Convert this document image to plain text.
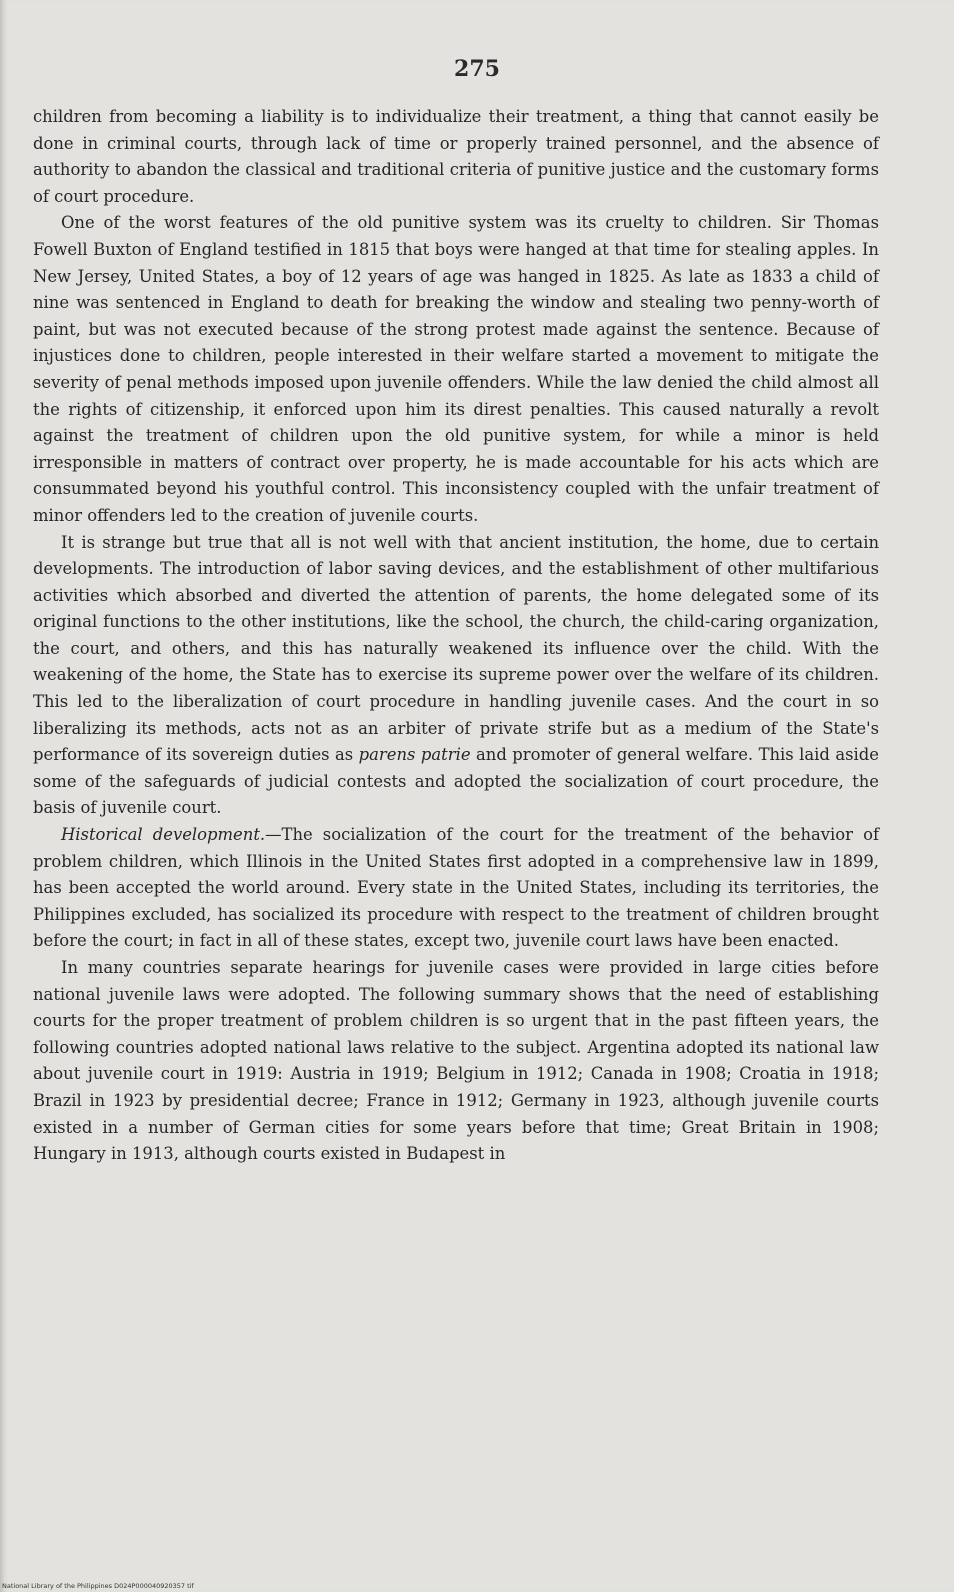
275

children from becoming a liability is to individualize their treatment, a thing that cannot easily be done in criminal courts, through lack of time or properly trained personnel, and the absence of authority to abandon the classical and traditional criteria of punitive justice and the customary forms of court procedure.

One of the worst features of the old punitive system was its cruelty to children. Sir Thomas Fowell Buxton of England testified in 1815 that boys were hanged at that time for stealing apples. In New Jersey, United States, a boy of 12 years of age was hanged in 1825. As late as 1833 a child of nine was sentenced in England to death for breaking the window and stealing two penny-worth of paint, but was not executed because of the strong protest made against the sentence. Because of injustices done to children, people interested in their welfare started a movement to mitigate the severity of penal methods imposed upon juvenile offenders. While the law denied the child almost all the rights of citizenship, it enforced upon him its direst penalties. This caused naturally a revolt against the treatment of children upon the old punitive system, for while a minor is held irresponsible in matters of contract over property, he is made accountable for his acts which are consummated beyond his youthful control. This inconsistency coupled with the unfair treatment of minor offenders led to the creation of juvenile courts.

It is strange but true that all is not well with that ancient institution, the home, due to certain developments. The introduction of labor saving devices, and the establishment of other multifarious activities which absorbed and diverted the attention of parents, the home delegated some of its original functions to the other institutions, like the school, the church, the child-caring organization, the court, and others, and this has naturally weakened its influence over the child. With the weakening of the home, the State has to exercise its supreme power over the welfare of its children. This led to the liberalization of court procedure in handling juvenile cases. And the court in so liberalizing its methods, acts not as an arbiter of private strife but as a medium of the State's performance of its sovereign duties as parens patrie and promoter of general welfare. This laid aside some of the safeguards of judicial contests and adopted the socialization of court procedure, the basis of juvenile court.

Historical development.—The socialization of the court for the treatment of the behavior of problem children, which Illinois in the United States first adopted in a comprehensive law in 1899, has been accepted the world around. Every state in the United States, including its territories, the Philippines excluded, has socialized its procedure with respect to the treatment of children brought before the court; in fact in all of these states, except two, juvenile court laws have been enacted.

In many countries separate hearings for juvenile cases were provided in large cities before national juvenile laws were adopted. The following summary shows that the need of establishing courts for the proper treatment of problem children is so urgent that in the past fifteen years, the following countries adopted national laws relative to the subject. Argentina adopted its national law about juvenile court in 1919: Austria in 1919; Belgium in 1912; Canada in 1908; Croatia in 1918; Brazil in 1923 by presidential decree; France in 1912; Germany in 1923, although juvenile courts existed in a number of German cities for some years before that time; Great Britain in 1908; Hungary in 1913, although courts existed in Budapest in

National Library of the Philippines D024P000040920357 tif
